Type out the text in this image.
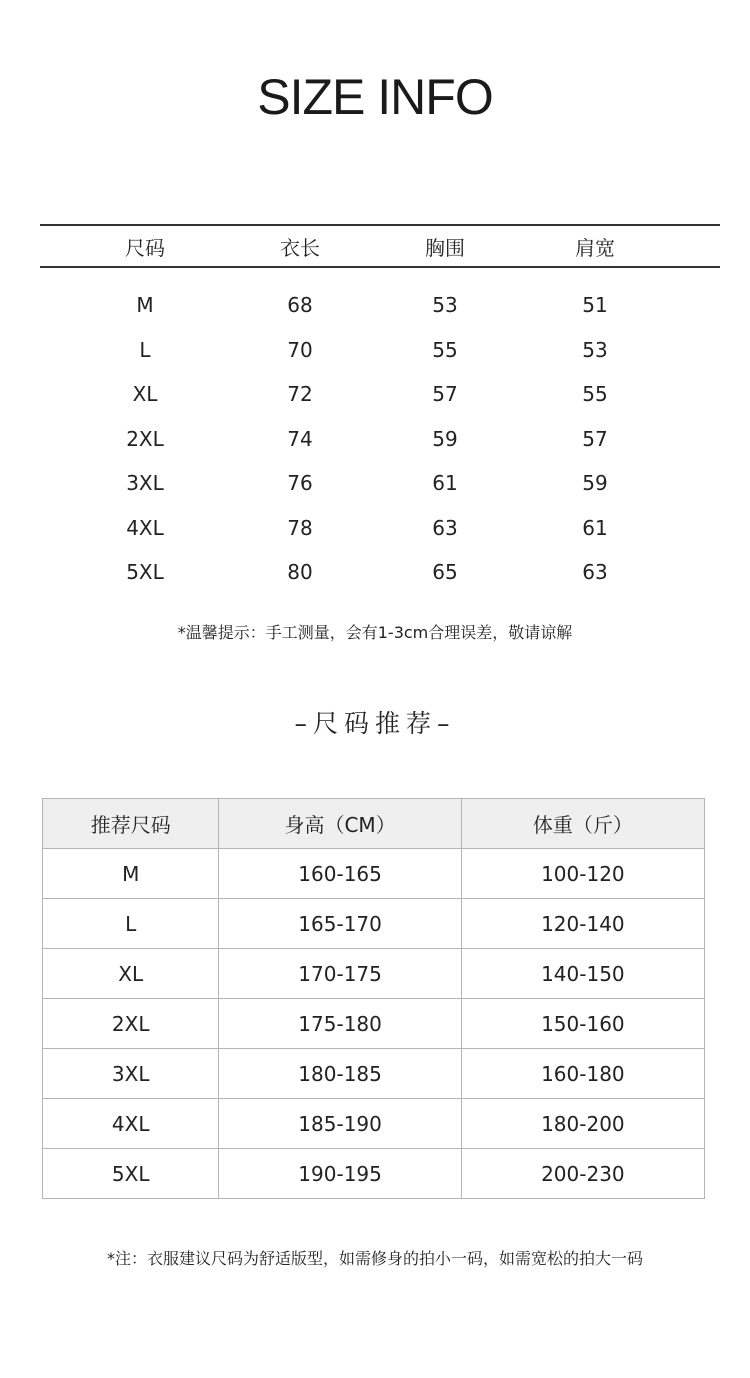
SIZE INFO
尺码	衣长	胸围	肩宽
M	68	53	51
L	70	55	53
XL	72	57	55
2XL	74	59	57
3XL	76	61	59
4XL	78	63	61
5XL	80	65	63
*温馨提示：手工测量，会有1-3cm合理误差，敬请谅解
–尺码推荐–
推荐尺码	身高（CM）	体重（斤）
M	160-165	100-120
L	165-170	120-140
XL	170-175	140-150
2XL	175-180	150-160
3XL	180-185	160-180
4XL	185-190	180-200
5XL	190-195	200-230
*注：衣服建议尺码为舒适版型，如需修身的拍小一码，如需宽松的拍大一码
